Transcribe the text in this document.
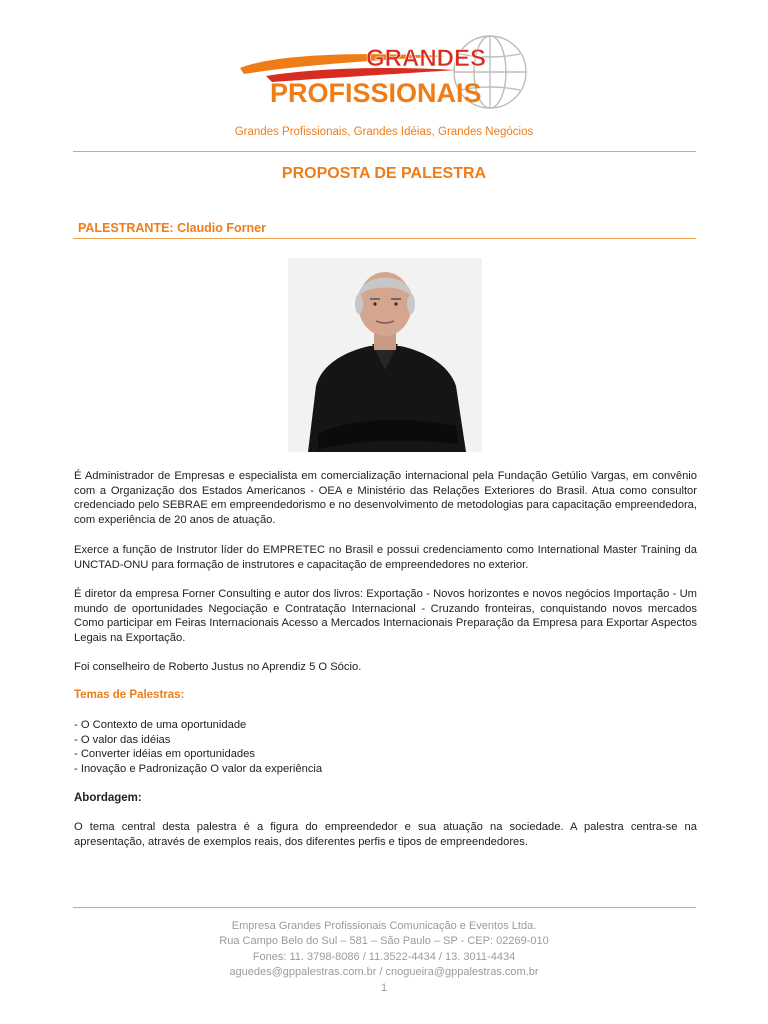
GRANDES
PROFISSIONAIS
Grandes Profissionais, Grandes Idéias, Grandes Negócios
PROPOSTA DE PALESTRA
PALESTRANTE: Claudio Forner
É Administrador de Empresas e especialista em comercialização internacional pela Fundação Getúlio Vargas, em convênio com a Organização dos Estados Americanos - OEA e Ministério das Relações Exteriores do Brasil. Atua como consultor credenciado pelo SEBRAE em empreendedorismo e no desenvolvimento de metodologias para capacitação empreendedora, com experiência de 20 anos de atuação.
Exerce a função de Instrutor líder do EMPRETEC no Brasil e possui credenciamento como International Master Training da UNCTAD-ONU para formação de instrutores e capacitação de empreendedores no exterior.
É diretor da empresa Forner Consulting e autor dos livros: Exportação - Novos horizontes e novos negócios Importação - Um mundo de oportunidades Negociação e Contratação Internacional - Cruzando fronteiras, conquistando novos mercados Como participar em Feiras Internacionais Acesso a Mercados Internacionais Preparação da Empresa para Exportar Aspectos Legais na Exportação.
Foi conselheiro de Roberto Justus no Aprendiz 5 O Sócio.
Temas de Palestras:
- O Contexto de uma oportunidade
- O valor das idéias
- Converter idéias em oportunidades
- Inovação e Padronização O valor da experiência
Abordagem:
O tema central desta palestra é a figura do empreendedor e sua atuação na sociedade. A palestra centra-se na apresentação, através de exemplos reais, dos diferentes perfis e tipos de empreendedores.
Empresa Grandes Profissionais Comunicação e Eventos Ltda.
Rua Campo Belo do Sul – 581 – São Paulo – SP - CEP: 02269-010
Fones: 11. 3798-8086 / 11.3522-4434 / 13. 3011-4434
aguedes@gppalestras.com.br / cnogueira@gppalestras.com.br
1
